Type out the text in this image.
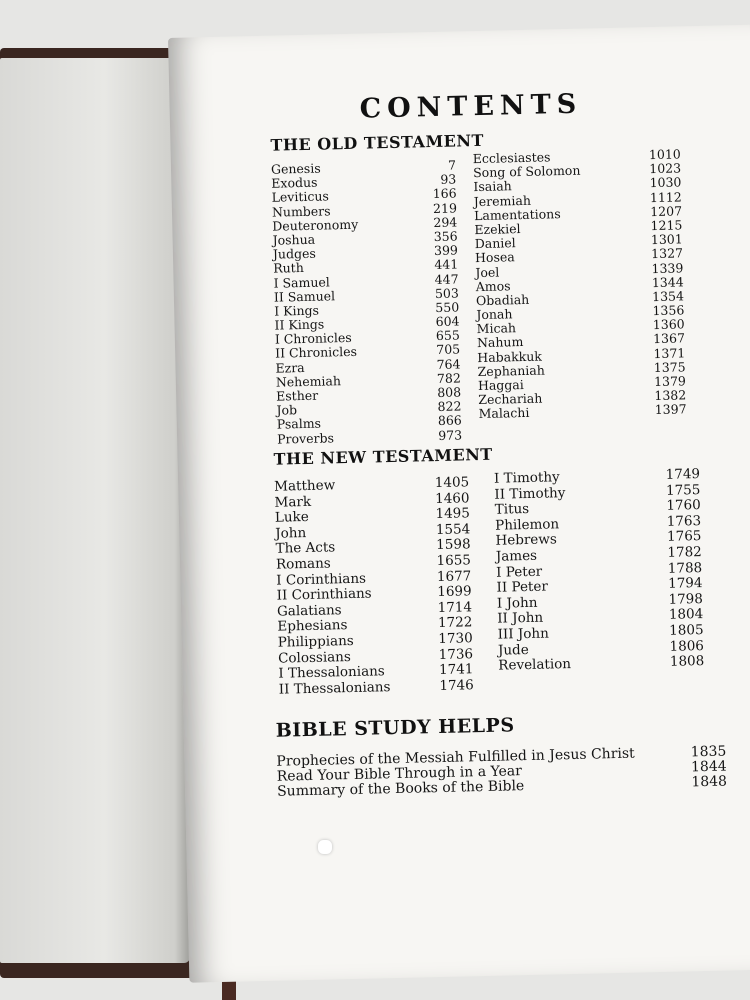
CONTENTS
THE OLD TESTAMENT
Genesis	7
Exodus	93
Leviticus	166
Numbers	219
Deuteronomy	294
Joshua	356
Judges	399
Ruth	441
I Samuel	447
II Samuel	503
I Kings	550
II Kings	604
I Chronicles	655
II Chronicles	705
Ezra	764
Nehemiah	782
Esther	808
Job	822
Psalms	866
Proverbs	973
Ecclesiastes	1010
Song of Solomon	1023
Isaiah	1030
Jeremiah	1112
Lamentations	1207
Ezekiel	1215
Daniel	1301
Hosea	1327
Joel	1339
Amos	1344
Obadiah	1354
Jonah	1356
Micah	1360
Nahum	1367
Habakkuk	1371
Zephaniah	1375
Haggai	1379
Zechariah	1382
Malachi	1397
THE NEW TESTAMENT
Matthew	1405
Mark	1460
Luke	1495
John	1554
The Acts	1598
Romans	1655
I Corinthians	1677
II Corinthians	1699
Galatians	1714
Ephesians	1722
Philippians	1730
Colossians	1736
I Thessalonians	1741
II Thessalonians	1746
I Timothy	1749
II Timothy	1755
Titus	1760
Philemon	1763
Hebrews	1765
James	1782
I Peter	1788
II Peter	1794
I John	1798
II John	1804
III John	1805
Jude	1806
Revelation	1808
BIBLE STUDY HELPS
Prophecies of the Messiah Fulfilled in Jesus Christ	1835
Read Your Bible Through in a Year	1844
Summary of the Books of the Bible	1848
